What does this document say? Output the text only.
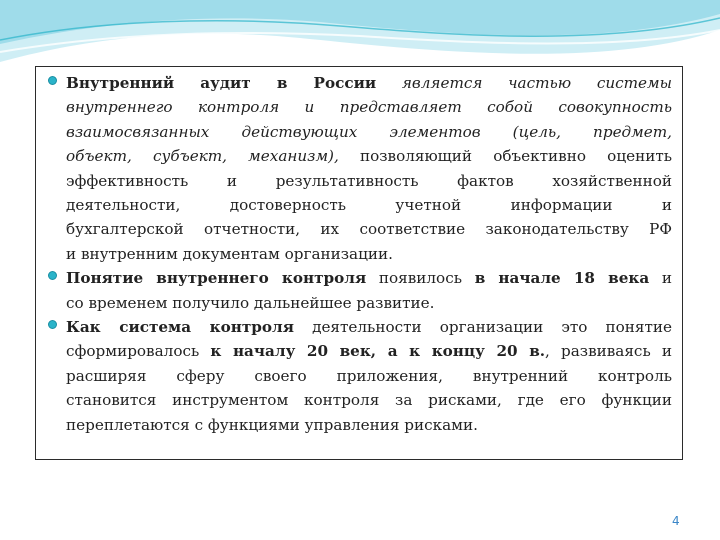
Внутренний аудит в России является частью системы
внутреннего контроля и представляет собой совокупность
взаимосвязанных действующих элементов (цель, предмет,
объект, субъект, механизм), позволяющий объективно оценить
эффективность и результативность фактов хозяйственной
деятельности, достоверность учетной информации и
бухгалтерской отчетности, их соответствие законодательству РФ
и внутренним документам организации.
Понятие внутреннего контроля появилось в начале 18 века и
со временем получило дальнейшее развитие.
Как система контроля деятельности организации это понятие
сформировалось к началу 20 век, а к концу 20 в., развиваясь и
расширяя сферу своего приложения, внутренний контроль
становится инструментом контроля за рисками, где его функции
переплетаются с функциями управления рисками.
4
